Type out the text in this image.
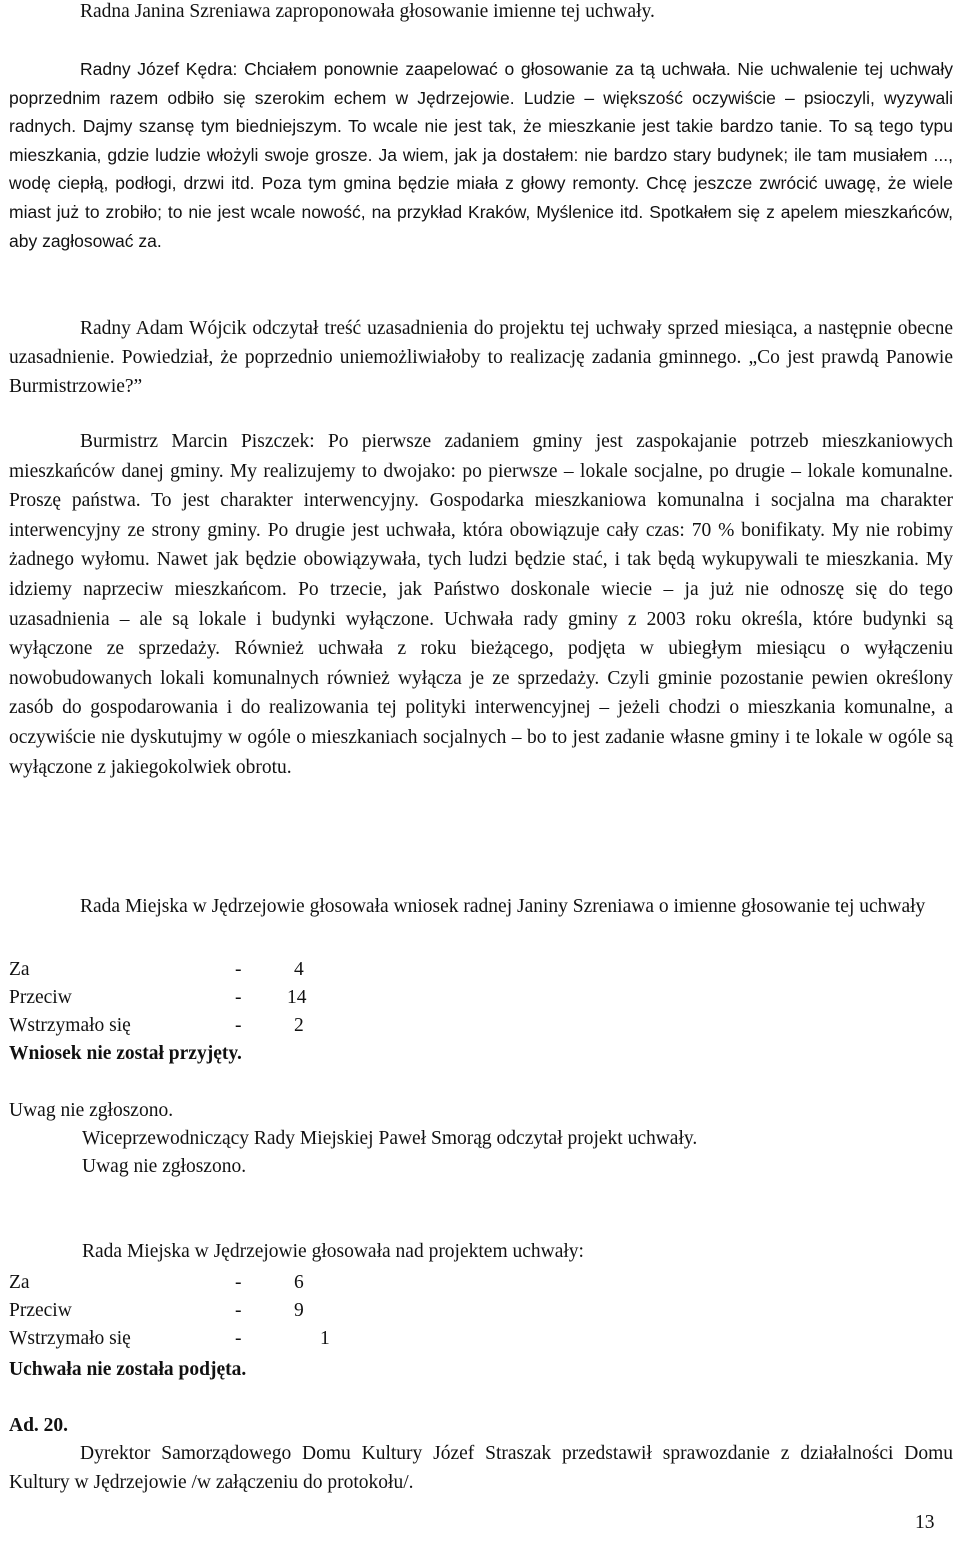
Radna Janina Szreniawa zaproponowała głosowanie imienne tej uchwały.

Radny Józef Kędra: Chciałem ponownie zaapelować o głosowanie za tą uchwała. Nie uchwalenie tej uchwały poprzednim razem odbiło się szerokim echem w Jędrzejowie. Ludzie – większość oczywiście – psioczyli, wyzywali radnych. Dajmy szansę tym biedniejszym. To wcale nie jest tak, że mieszkanie jest takie bardzo tanie. To są tego typu mieszkania, gdzie ludzie włożyli swoje grosze. Ja wiem, jak ja dostałem: nie bardzo stary budynek; ile tam musiałem ..., wodę ciepłą, podłogi, drzwi itd. Poza tym gmina będzie miała z głowy remonty. Chcę jeszcze zwrócić uwagę, że wiele miast już to zrobiło; to nie jest wcale nowość, na przykład Kraków, Myślenice itd. Spotkałem się z apelem mieszkańców, aby zagłosować za.

Radny Adam Wójcik odczytał treść uzasadnienia do projektu tej uchwały sprzed miesiąca, a następnie obecne uzasadnienie. Powiedział, że poprzednio uniemożliwiałoby to realizację zadania gminnego. „Co jest prawdą Panowie Burmistrzowie?”

Burmistrz Marcin Piszczek: Po pierwsze zadaniem gminy jest zaspokajanie potrzeb mieszkaniowych mieszkańców danej gminy. My realizujemy to dwojako: po pierwsze – lokale socjalne, po drugie – lokale komunalne. Proszę państwa. To jest charakter interwencyjny. Gospodarka mieszkaniowa komunalna i socjalna ma charakter interwencyjny ze strony gminy. Po drugie jest uchwała, która obowiązuje cały czas: 70 % bonifikaty. My nie robimy żadnego wyłomu. Nawet jak będzie obowiązywała, tych ludzi będzie stać, i tak będą wykupywali te mieszkania. My idziemy naprzeciw mieszkańcom. Po trzecie, jak Państwo doskonale wiecie – ja już nie odnoszę się do tego uzasadnienia – ale są lokale i budynki wyłączone. Uchwała rady gminy z 2003 roku określa, które budynki są wyłączone ze sprzedaży. Również uchwała z roku bieżącego, podjęta w ubiegłym miesiącu o wyłączeniu nowobudowanych lokali komunalnych również wyłącza je ze sprzedaży. Czyli gminie pozostanie pewien określony zasób do gospodarowania i do realizowania tej polityki interwencyjnej – jeżeli chodzi o mieszkania komunalne, a oczywiście nie dyskutujmy w ogóle o mieszkaniach socjalnych – bo to jest zadanie własne gminy i te lokale w ogóle są wyłączone z jakiegokolwiek obrotu.

Rada Miejska w Jędrzejowie głosowała wniosek radnej Janiny Szreniawa o imienne głosowanie tej uchwały

Za	-	4
Przeciw	- 14
Wstrzymało się	-	2
Wniosek nie został przyjęty.
Uwag nie zgłoszono.
Wiceprzewodniczący Rady Miejskiej Paweł Smorąg odczytał projekt uchwały.
Uwag nie zgłoszono.
Rada Miejska w Jędrzejowie głosowała nad projektem uchwały:
Za	-	6
Przeciw	-	9
Wstrzymało się	-	1
Uchwała nie została podjęta.
Ad. 20.

Dyrektor Samorządowego Domu Kultury Józef Straszak przedstawił sprawozdanie z działalności Domu Kultury w Jędrzejowie /w załączeniu do protokołu/.

13
